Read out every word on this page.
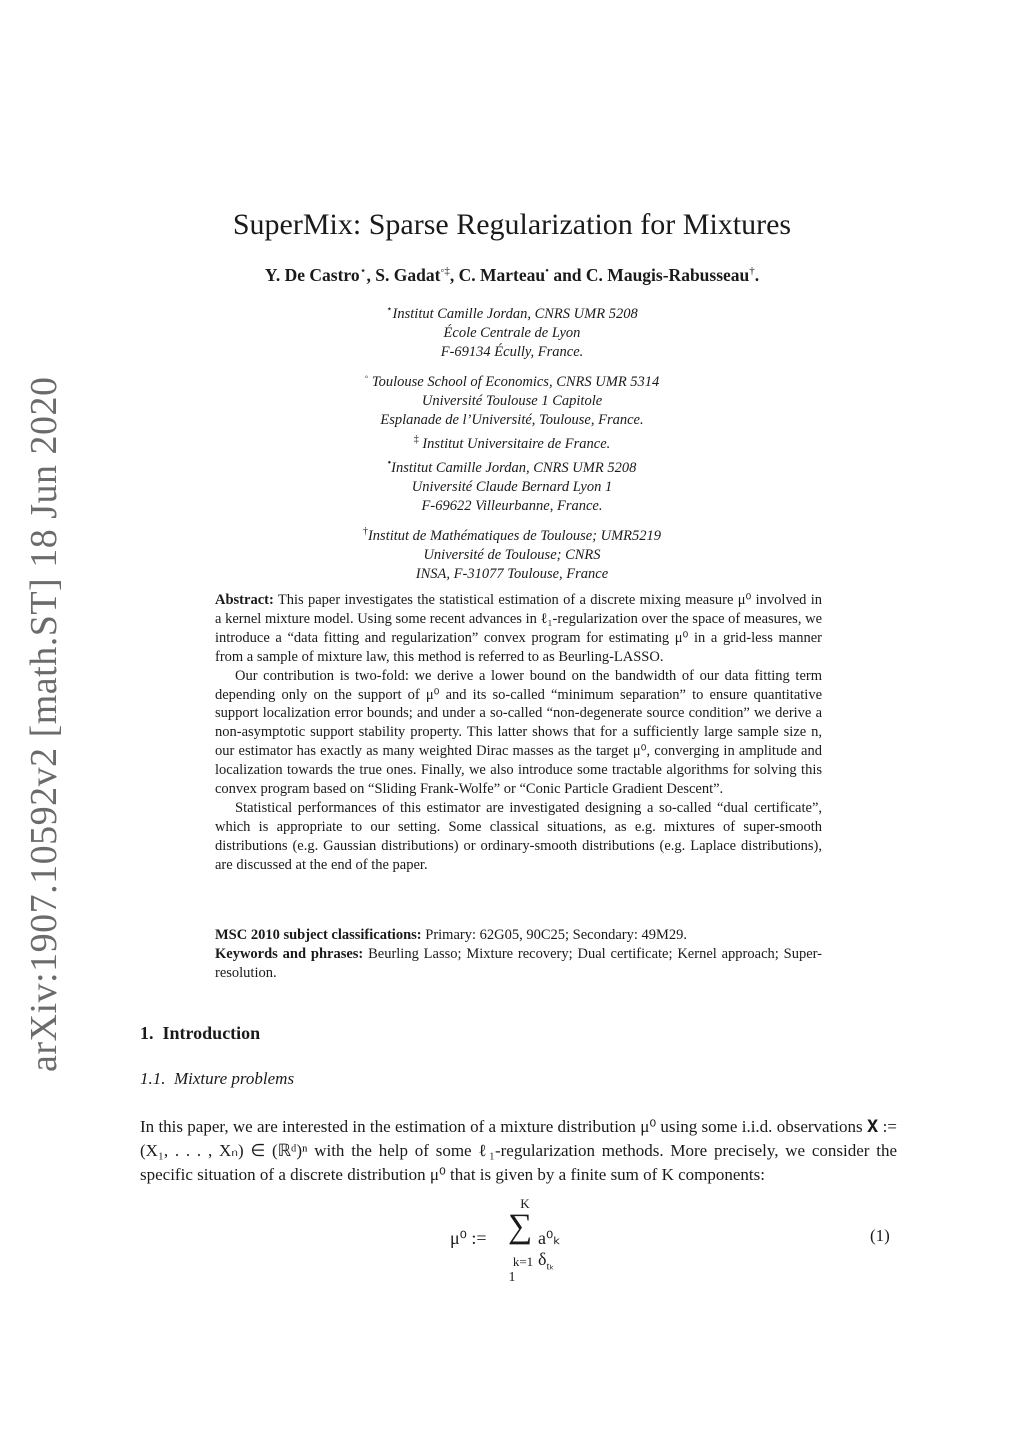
arXiv:1907.10592v2 [math.ST] 18 Jun 2020
SuperMix: Sparse Regularization for Mixtures
Y. De Castro⋆, S. Gadat◦‡, C. Marteau• and C. Maugis-Rabusseau†.
⋆Institut Camille Jordan, CNRS UMR 5208
École Centrale de Lyon
F-69134 Écully, France.
◦ Toulouse School of Economics, CNRS UMR 5314
Université Toulouse 1 Capitole
Esplanade de l’Université, Toulouse, France.
‡ Institut Universitaire de France.
•Institut Camille Jordan, CNRS UMR 5208
Université Claude Bernard Lyon 1
F-69622 Villeurbanne, France.
†Institut de Mathématiques de Toulouse; UMR5219
Université de Toulouse; CNRS
INSA, F-31077 Toulouse, France

Abstract: This paper investigates the statistical estimation of a discrete mixing measure μ⁰ involved in a kernel mixture model. Using some recent advances in ℓ₁-regularization over the space of measures, we introduce a “data fitting and regularization” convex program for estimating μ⁰ in a grid-less manner from a sample of mixture law, this method is referred to as Beurling-LASSO.

Our contribution is two-fold: we derive a lower bound on the bandwidth of our data fitting term depending only on the support of μ⁰ and its so-called “minimum separation” to ensure quantitative support localization error bounds; and under a so-called “non-degenerate source condition” we derive a non-asymptotic support stability property. This latter shows that for a sufficiently large sample size n, our estimator has exactly as many weighted Dirac masses as the target μ⁰, converging in amplitude and localization towards the true ones. Finally, we also introduce some tractable algorithms for solving this convex program based on “Sliding Frank-Wolfe” or “Conic Particle Gradient Descent”.

Statistical performances of this estimator are investigated designing a so-called “dual certificate”, which is appropriate to our setting. Some classical situations, as e.g. mixtures of super-smooth distributions (e.g. Gaussian distributions) or ordinary-smooth distributions (e.g. Laplace distributions), are discussed at the end of the paper.

MSC 2010 subject classifications: Primary: 62G05, 90C25; Secondary: 49M29.

Keywords and phrases: Beurling Lasso; Mixture recovery; Dual certificate; Kernel approach; Super-resolution.

1. Introduction
1.1. Mixture problems

In this paper, we are interested in the estimation of a mixture distribution μ⁰ using some i.i.d. observations 𝐗 := (X₁, . . . , Xₙ) ∈ (ℝᵈ)ⁿ with the help of some ℓ₁-regularization methods. More precisely, we consider the specific situation of a discrete distribution μ⁰ that is given by a finite sum of K components:

μ⁰ :=
K
∑
k=1
a⁰ₖ $\delta_{t_k}$
(1)
1
